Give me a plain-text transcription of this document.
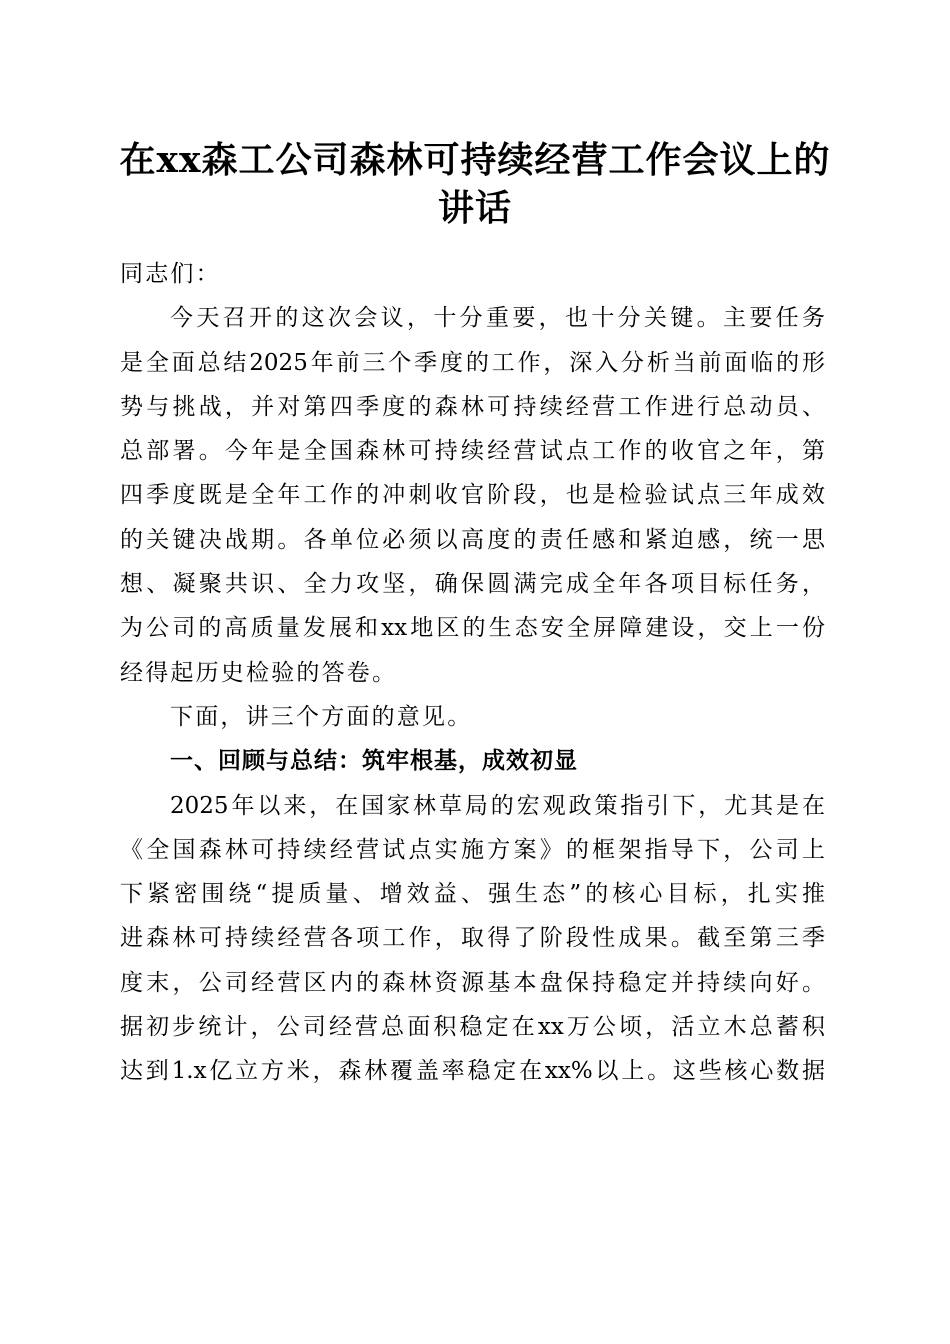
在xx森工公司森林可持续经营工作会议上的
讲话
同志们：
今天召开的这次会议，十分重要，也十分关键。主要任务
是全面总结2025年前三个季度的工作，深入分析当前面临的形
势与挑战，并对第四季度的森林可持续经营工作进行总动员、
总部署。今年是全国森林可持续经营试点工作的收官之年，第
四季度既是全年工作的冲刺收官阶段，也是检验试点三年成效
的关键决战期。各单位必须以高度的责任感和紧迫感，统一思
想、凝聚共识、全力攻坚，确保圆满完成全年各项目标任务，
为公司的高质量发展和xx地区的生态安全屏障建设，交上一份
经得起历史检验的答卷。
下面，讲三个方面的意见。
一、回顾与总结：筑牢根基，成效初显
2025年以来，在国家林草局的宏观政策指引下，尤其是在
《全国森林可持续经营试点实施方案》的框架指导下，公司上
下紧密围绕“提质量、增效益、强生态”的核心目标，扎实推
进森林可持续经营各项工作，取得了阶段性成果。截至第三季
度末，公司经营区内的森林资源基本盘保持稳定并持续向好。
据初步统计，公司经营总面积稳定在xx万公顷，活立木总蓄积
达到1.x亿立方米，森林覆盖率稳定在xx%以上。这些核心数据
